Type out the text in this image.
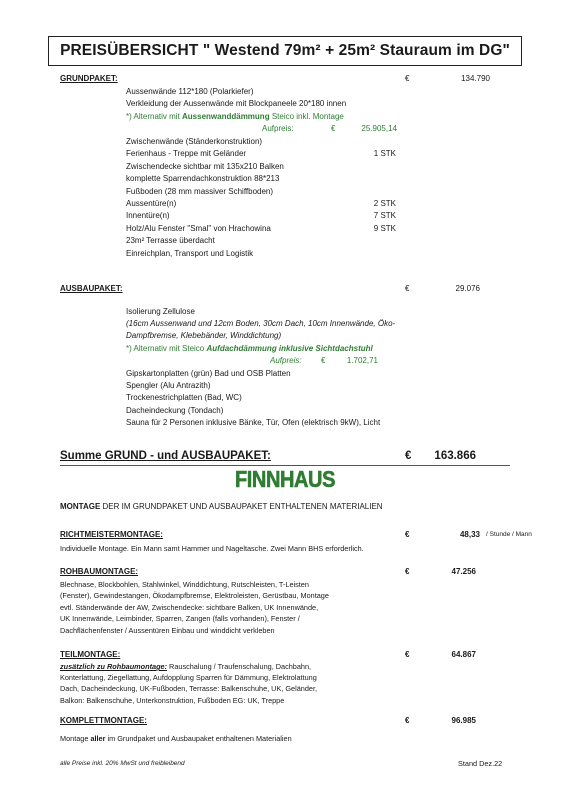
PREISÜBERSICHT " Westend 79m² + 25m² Stauraum im DG"
GRUNDPAKET:	€	134.790
Aussenwände 112*180 (Polarkiefer)
Verkleidung der Aussenwände mit Blockpaneele 20*180 innen
*) Alternativ mit Aussenwanddämmung Steico inkl. Montage
Aufpreis:	€	25.905,14
Zwischenwände (Ständerkonstruktion)
Ferienhaus - Treppe mit Geländer	1 STK
Zwischendecke sichtbar mit 135x210 Balken
komplette Sparrendachkonstruktion 88*213
Fußboden (28 mm massiver Schiffboden)
Aussentüre(n)	2 STK
Innentüre(n)	7 STK
Holz/Alu Fenster "Smal" von Hrachowina	9 STK
23m² Terrasse überdacht
Einreichplan, Transport und Logistik
AUSBAUPAKET:	€	29.076
Isolierung Zellulose
(16cm Aussenwand und 12cm Boden, 30cm Dach, 10cm Innenwände, Öko-
Dampfbremse, Klebebänder, Winddichtung)
*) Alternativ mit Steico Aufdachdämmung inklusive Sichtdachstuhl
Aufpreis: €	1.702,71
Gipskartonplatten (grün) Bad und OSB Platten
Spengler (Alu Antrazith)
Trockenestrichplatten (Bad, WC)
Dacheindeckung (Tondach)
Sauna für 2 Personen inklusive Bänke, Tür, Ofen (elektrisch 9kW), Licht
Summe GRUND - und AUSBAUPAKET:	€	163.866
FINNHAUS
MONTAGE DER IM GRUNDPAKET UND AUSBAUPAKET ENTHALTENEN MATERIALIEN
RICHTMEISTERMONTAGE:	€	48,33 / Stunde / Mann
Individuelle Montage. Ein Mann samt Hammer und Nageltasche. Zwei Mann BHS erforderlich.
ROHBAUMONTAGE:	€	47.256
Blechnase, Blockbohlen, Stahlwinkel, Winddichtung, Rutschleisten, T-Leisten
(Fenster), Gewindestangen, Ökodampfbremse, Elektroleisten, Gerüstbau, Montage
evtl. Ständerwände der AW, Zwischendecke: sichtbare Balken, UK Innenwände,
UK Innenwände, Leimbinder, Sparren, Zangen (falls vorhanden), Fenster /
Dachflächenfenster / Aussentüren Einbau und winddicht verkleben
TEILMONTAGE:	€	64.867
zusätzlich zu Rohbaumontage: Rauschalung / Traufenschalung, Dachbahn,
Konterlattung, Ziegellattung, Aufdopplung Sparren für Dämmung, Elektrolattung
Dach, Dacheindeckung, UK-Fußboden, Terrasse: Balkenschuhe, UK, Geländer,
Balkon: Balkenschuhe, Unterkonstruktion, Fußboden EG: UK, Treppe
KOMPLETTMONTAGE:	€	96.985
Montage aller im Grundpaket und Ausbaupaket enthaltenen Materialien
alle Preise inkl. 20% MwSt und freibleibend	Stand Dez.22
